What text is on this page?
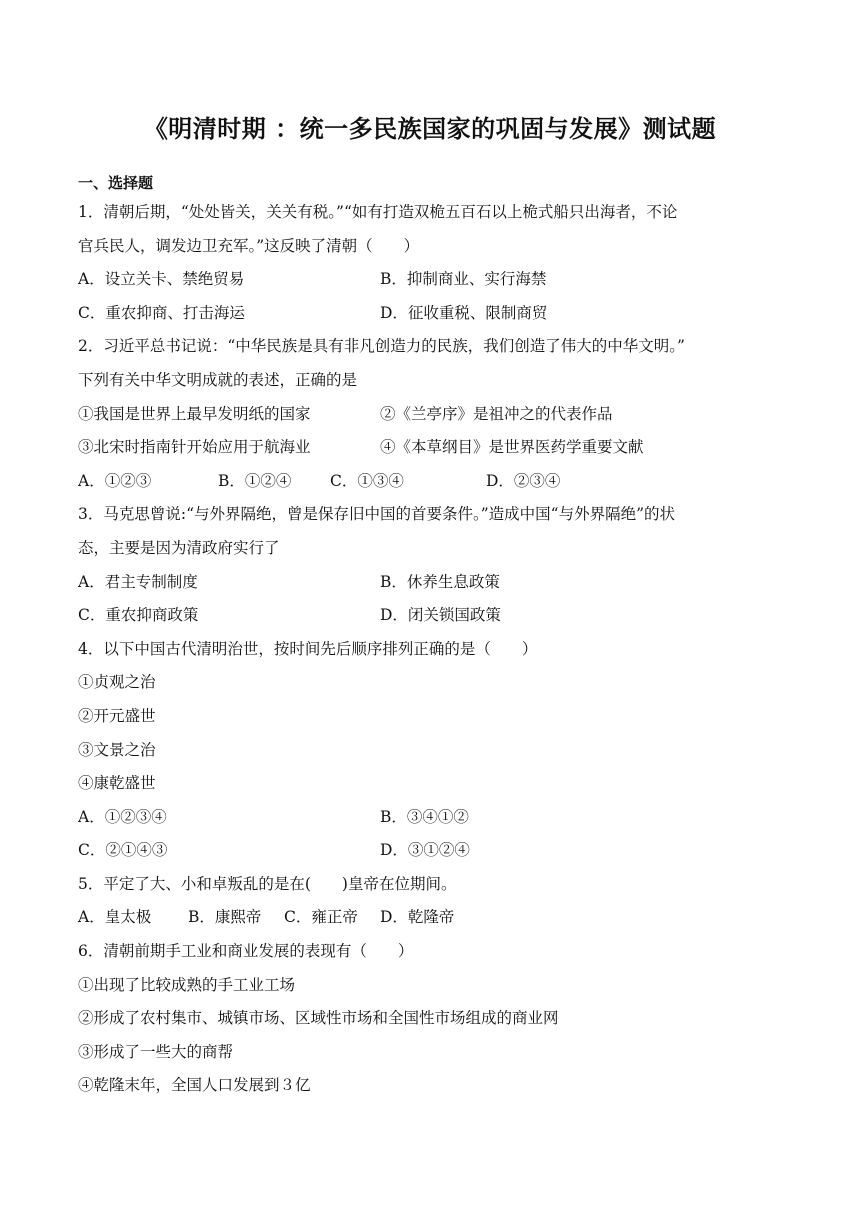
《明清时期 ：统一多民族国家的巩固与发展》测试题
一、选择题
1．清朝后期，“处处皆关，关关有税。”“如有打造双桅五百石以上桅式船只出海者，不论
官兵民人，调发边卫充军。”这反映了清朝（　　）
A．设立关卡、禁绝贸易	B．抑制商业、实行海禁
C．重农抑商、打击海运	D．征收重税、限制商贸
2．习近平总书记说：“中华民族是具有非凡创造力的民族，我们创造了伟大的中华文明。”
下列有关中华文明成就的表述，正确的是
①我国是世界上最早发明纸的国家	②《兰亭序》是祖冲之的代表作品
③北宋时指南针开始应用于航海业	④《本草纲目》是世界医药学重要文献
A．①②③	B．①②④	C．①③④	D．②③④
3．马克思曾说:“与外界隔绝，曾是保存旧中国的首要条件。”造成中国“与外界隔绝”的状
态，主要是因为清政府实行了
A．君主专制制度	B．休养生息政策
C．重农抑商政策	D．闭关锁国政策
4．以下中国古代清明治世，按时间先后顺序排列正确的是（　　）
①贞观之治
②开元盛世
③文景之治
④康乾盛世
A．①②③④	B．③④①②
C．②①④③	D．③①②④
5．平定了大、小和卓叛乱的是在(　　)皇帝在位期间。
A．皇太极	B．康熙帝	C．雍正帝	D．乾隆帝
6．清朝前期手工业和商业发展的表现有（　　）
①出现了比较成熟的手工业工场
②形成了农村集市、城镇市场、区域性市场和全国性市场组成的商业网
③形成了一些大的商帮
④乾隆末年，全国人口发展到３亿
